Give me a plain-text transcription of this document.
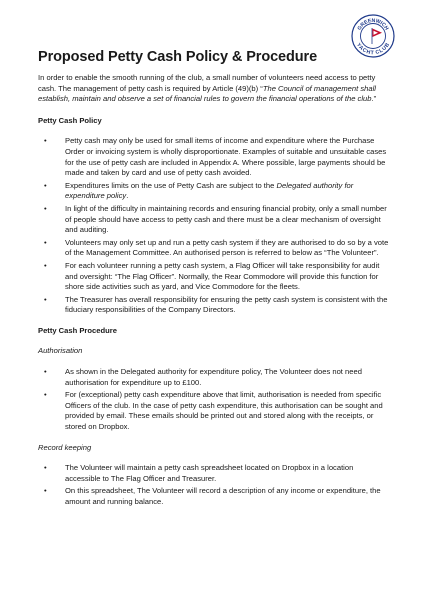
GREENWICH
YACHT CLUB
Proposed Petty Cash Policy & Procedure

In order to enable the smooth running of the club, a small number of volunteers need access to petty cash. The management of petty cash is required by Article (49)(b) “The Council of management shall establish, maintain and observe a set of financial rules to govern the financial operations of the club.”

Petty Cash Policy

• Petty cash may only be used for small items of income and expenditure where the Purchase Order or invoicing system is wholly disproportionate. Examples of suitable and unsuitable cases for the use of petty cash are included in Appendix A. Where possible, large payments should be made and taken by card and use of petty cash avoided.
• Expenditures limits on the use of Petty Cash are subject to the Delegated authority for expenditure policy.
• In light of the difficulty in maintaining records and ensuring financial probity, only a small number of people should have access to petty cash and there must be a clear mechanism of oversight and auditing.
• Volunteers may only set up and run a petty cash system if they are authorised to do so by a vote of the Management Committee. An authorised person is referred to below as “The Volunteer”.
• For each volunteer running a petty cash system, a Flag Officer will take responsibility for audit and oversight: “The Flag Officer”. Normally, the Rear Commodore will provide this function for shore side activities such as yard, and Vice Commodore for the fleets.
• The Treasurer has overall responsibility for ensuring the petty cash system is consistent with the fiduciary responsibilities of the Company Directors.

Petty Cash Procedure

Authorisation

• As shown in the Delegated authority for expenditure policy, The Volunteer does not need authorisation for expenditure up to £100.
• For (exceptional) petty cash expenditure above that limit, authorisation is needed from specific Officers of the club. In the case of petty cash expenditure, this authorisation can be sought and provided by email. These emails should be printed out and stored along with the receipts, or stored on Dropbox.

Record keeping

• The Volunteer will maintain a petty cash spreadsheet located on Dropbox in a location accessible to The Flag Officer and Treasurer.
• On this spreadsheet, The Volunteer will record a description of any income or expenditure, the amount and running balance.
